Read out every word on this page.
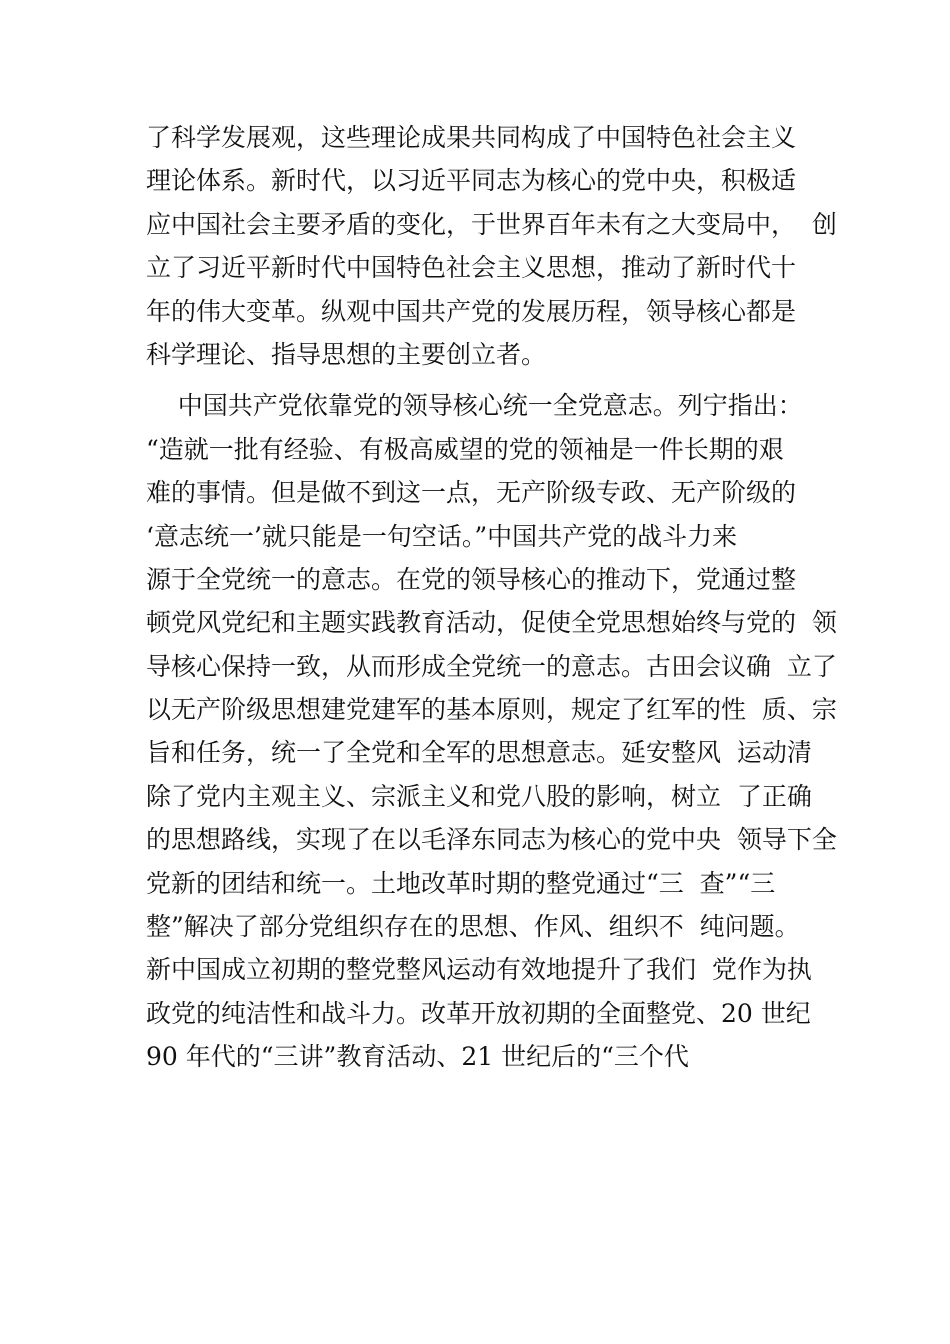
了科学发展观，这些理论成果共同构成了中国特色社会主义
理论体系。新时代，以习近平同志为核心的党中央，积极适
应中国社会主要矛盾的变化，于世界百年未有之大变局中，  创
立了习近平新时代中国特色社会主义思想，推动了新时代十
年的伟大变革。纵观中国共产党的发展历程，领导核心都是
科学理论、指导思想的主要创立者。
中国共产党依靠党的领导核心统一全党意志。列宁指出：
“造就一批有经验、有极高威望的党的领袖是一件长期的艰
难的事情。但是做不到这一点，无产阶级专政、无产阶级的
‘意志统一’就只能是一句空话。”中国共产党的战斗力来
源于全党统一的意志。在党的领导核心的推动下，党通过整
顿党风党纪和主题实践教育活动，促使全党思想始终与党的  领
导核心保持一致，从而形成全党统一的意志。古田会议确  立了
以无产阶级思想建党建军的基本原则，规定了红军的性  质、宗
旨和任务，统一了全党和全军的思想意志。延安整风  运动清
除了党内主观主义、宗派主义和党八股的影响，树立  了正确
的思想路线，实现了在以毛泽东同志为核心的党中央  领导下全
党新的团结和统一。土地改革时期的整党通过“三  查”“三
整”解决了部分党组织存在的思想、作风、组织不  纯问题。
新中国成立初期的整党整风运动有效地提升了我们  党作为执
政党的纯洁性和战斗力。改革开放初期的全面整党、20 世纪
90 年代的“三讲”教育活动、21 世纪后的“三个代
